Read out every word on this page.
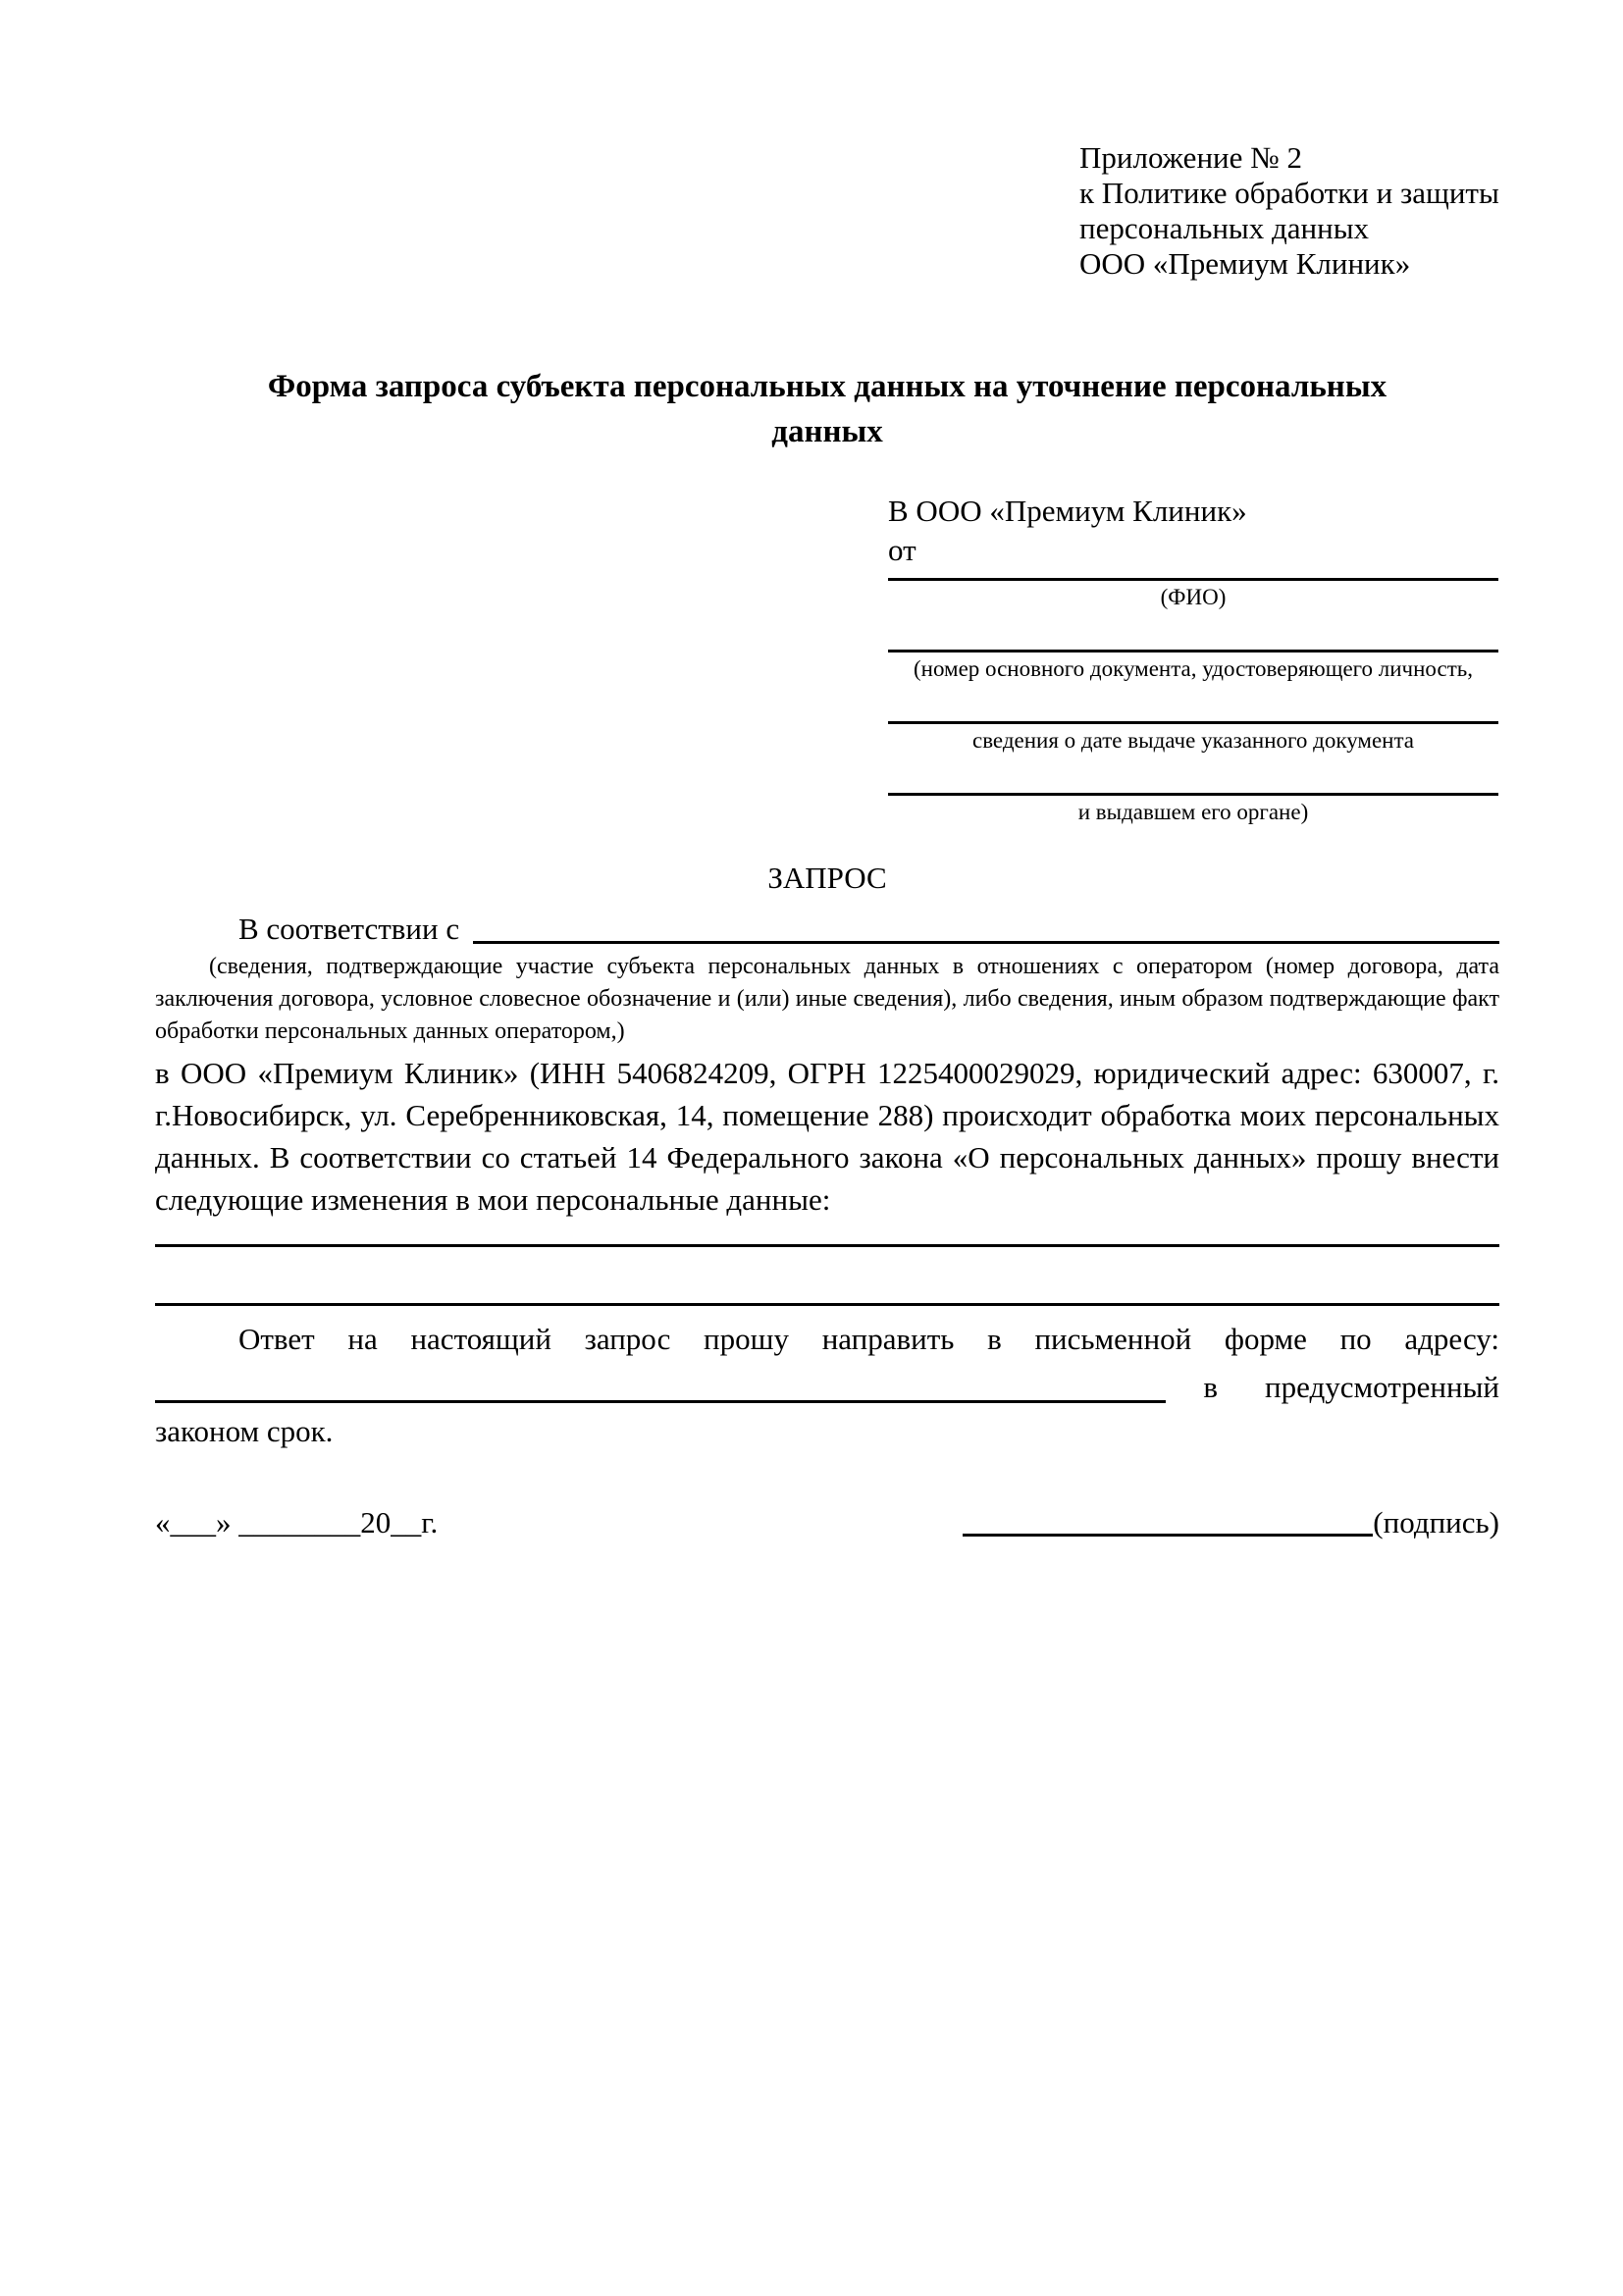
Приложение № 2
к Политике обработки и защиты
персональных данных
ООО «Премиум Клиник»
Форма запроса субъекта персональных данных на уточнение персональных данных
В ООО «Премиум Клиник»
от
(ФИО)
(номер основного документа, удостоверяющего личность,
сведения о дате выдаче указанного документа
и выдавшем его органе)
ЗАПРОС
В соответствии с

(сведения, подтверждающие участие субъекта персональных данных в отношениях с оператором (номер договора, дата заключения договора, условное словесное обозначение и (или) иные сведения), либо сведения, иным образом подтверждающие факт обработки персональных данных оператором,)

в ООО «Премиум Клиник» (ИНН 5406824209, ОГРН 1225400029029, юридический адрес: 630007, г. г.Новосибирск, ул. Серебренниковская, 14, помещение 288) происходит обработка моих персональных данных. В соответствии со статьей 14 Федерального закона «О персональных данных» прошу внести следующие изменения в мои персональные данные:

Ответ на настоящий запрос прошу направить в письменной форме по адресу:

в предусмотренный

законом срок.

«___» ________20__г.	(подпись)
